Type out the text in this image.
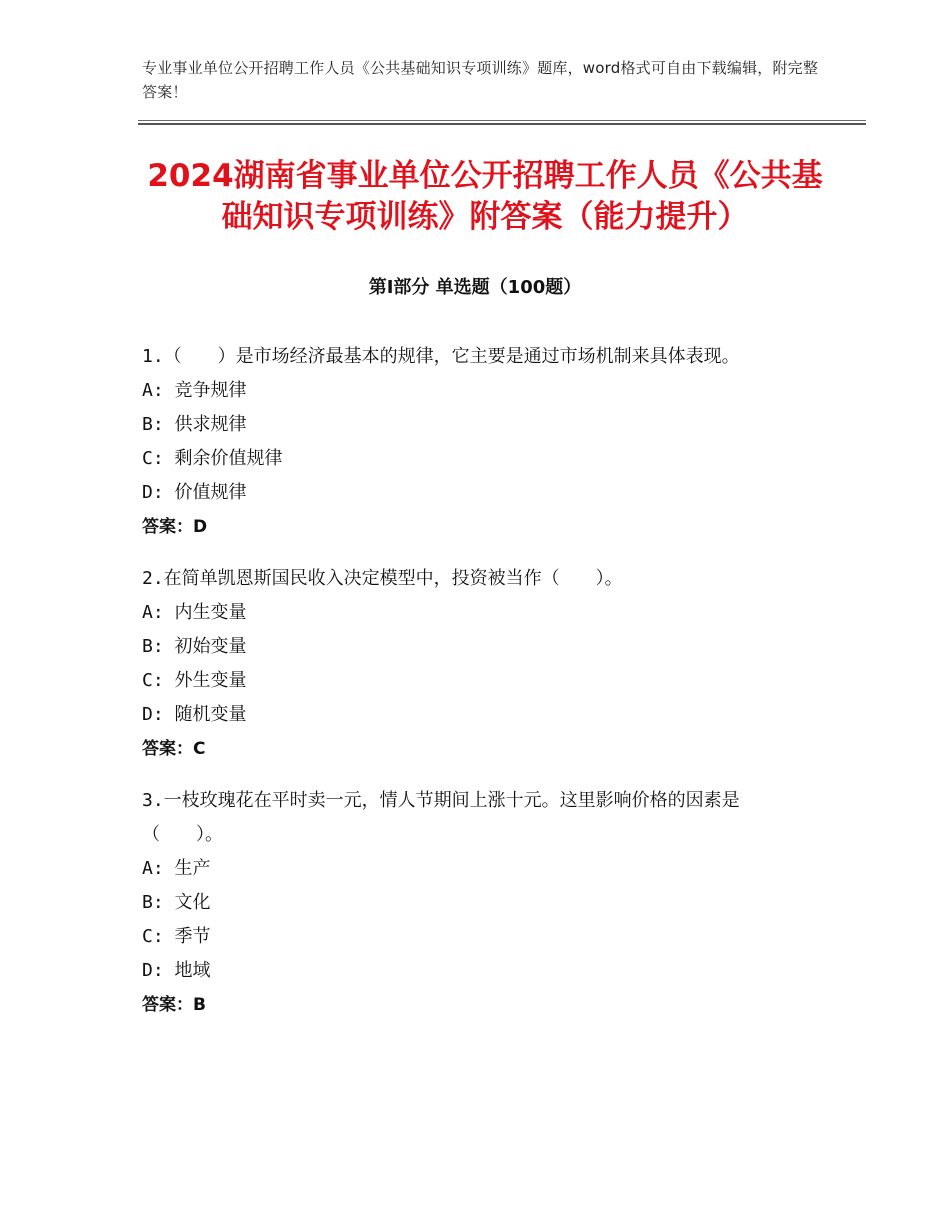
专业事业单位公开招聘工作人员《公共基础知识专项训练》题库，word格式可自由下载编辑，附完整答案！
2024湖南省事业单位公开招聘工作人员《公共基础知识专项训练》附答案（能力提升）
第Ⅰ部分 单选题（100题）

1.（　　）是市场经济最基本的规律，它主要是通过市场机制来具体表现。

A: 竞争规律

B: 供求规律

C: 剩余价值规律

D: 价值规律

答案：D

2.在简单凯恩斯国民收入决定模型中，投资被当作（　　）。

A: 内生变量

B: 初始变量

C: 外生变量

D: 随机变量

答案：C

3.一枝玫瑰花在平时卖一元，情人节期间上涨十元。这里影响价格的因素是（　　）。

A: 生产

B: 文化

C: 季节

D: 地域

答案：B
